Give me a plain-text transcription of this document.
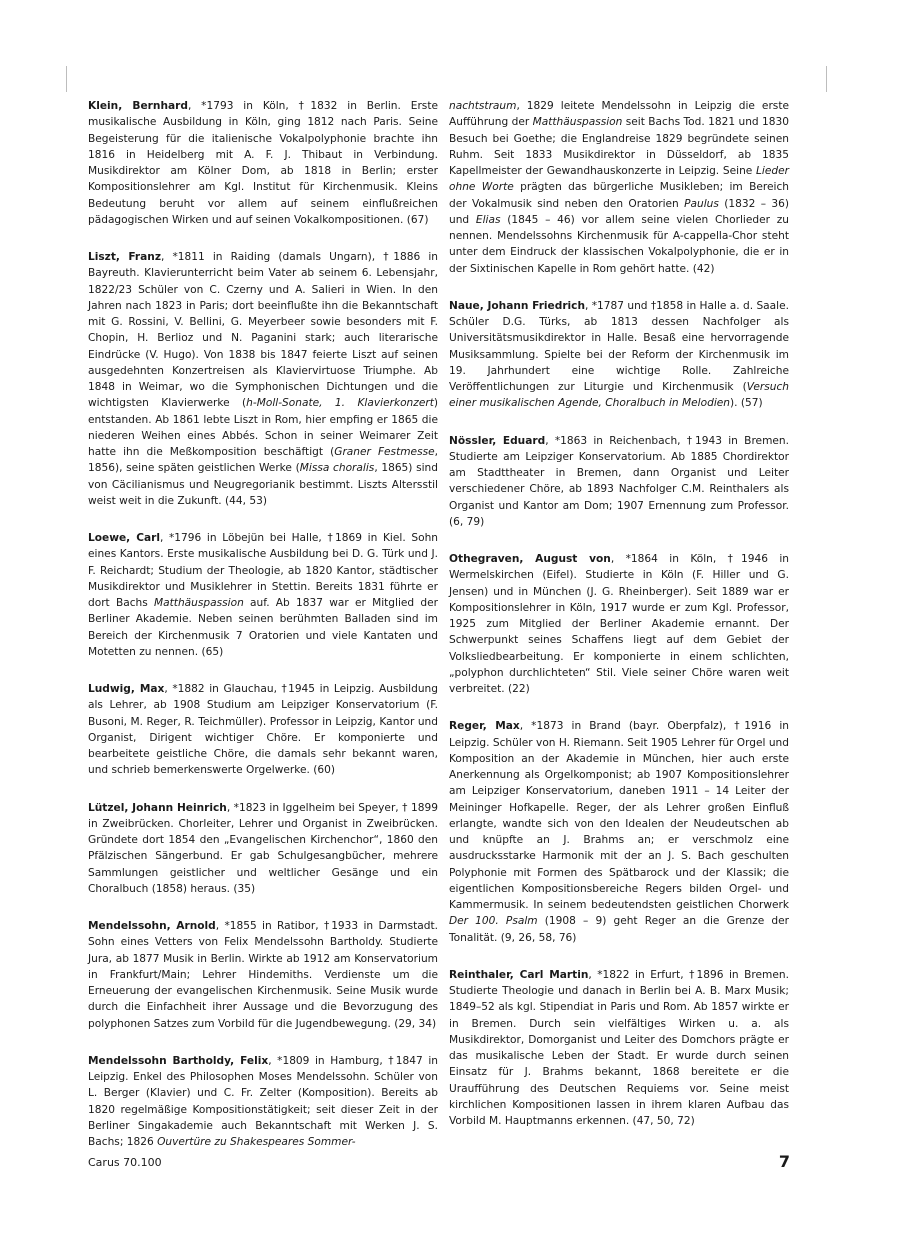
Klein, Bernhard, *1793 in Köln, †1832 in Berlin. Erste musikalische Ausbildung in Köln, ging 1812 nach Paris. Seine Begeisterung für die italienische Vokalpolyphonie brachte ihn 1816 in Heidelberg mit A. F. J. Thibaut in Verbindung. Musikdirektor am Kölner Dom, ab 1818 in Berlin; erster Kompositionslehrer am Kgl. Institut für Kirchenmusik. Kleins Bedeutung beruht vor allem auf seinem einflußreichen pädagogischen Wirken und auf seinen Vokalkompositionen. (67)

Liszt, Franz, *1811 in Raiding (damals Ungarn), †1886 in Bayreuth. Klavierunterricht beim Vater ab seinem 6. Lebensjahr, 1822/23 Schüler von C. Czerny und A. Salieri in Wien. In den Jahren nach 1823 in Paris; dort beeinflußte ihn die Bekanntschaft mit G. Rossini, V. Bellini, G. Meyerbeer sowie besonders mit F. Chopin, H. Berlioz und N. Paganini stark; auch literarische Eindrücke (V. Hugo). Von 1838 bis 1847 feierte Liszt auf seinen ausgedehnten Konzertreisen als Klaviervirtuose Triumphe. Ab 1848 in Weimar, wo die Symphonischen Dichtungen und die wichtigsten Klavierwerke (h-Moll-Sonate, 1. Klavierkonzert) entstanden. Ab 1861 lebte Liszt in Rom, hier empfing er 1865 die niederen Weihen eines Abbés. Schon in seiner Weimarer Zeit hatte ihn die Meßkomposition beschäftigt (Graner Festmesse, 1856), seine späten geistlichen Werke (Missa choralis, 1865) sind von Cäcilianismus und Neugregorianik bestimmt. Liszts Altersstil weist weit in die Zukunft. (44, 53)

Loewe, Carl, *1796 in Löbejün bei Halle, †1869 in Kiel. Sohn eines Kantors. Erste musikalische Ausbildung bei D. G. Türk und J. F. Reichardt; Studium der Theologie, ab 1820 Kantor, städtischer Musikdirektor und Musiklehrer in Stettin. Bereits 1831 führte er dort Bachs Matthäuspassion auf. Ab 1837 war er Mitglied der Berliner Akademie. Neben seinen berühmten Balladen sind im Bereich der Kirchenmusik 7 Oratorien und viele Kantaten und Motetten zu nennen. (65)

Ludwig, Max, *1882 in Glauchau, †1945 in Leipzig. Ausbildung als Lehrer, ab 1908 Studium am Leipziger Konservatorium (F. Busoni, M. Reger, R. Teichmüller). Professor in Leipzig, Kantor und Organist, Dirigent wichtiger Chöre. Er komponierte und bearbeitete geistliche Chöre, die damals sehr bekannt waren, und schrieb bemerkenswerte Orgelwerke. (60)

Lützel, Johann Heinrich, *1823 in Iggelheim bei Speyer, † 1899 in Zweibrücken. Chorleiter, Lehrer und Organist in Zweibrücken. Gründete dort 1854 den „Evangelischen Kirchenchor“, 1860 den Pfälzischen Sängerbund. Er gab Schulgesangbücher, mehrere Sammlungen geistlicher und weltlicher Gesänge und ein Choralbuch (1858) heraus. (35)

Mendelssohn, Arnold, *1855 in Ratibor, †1933 in Darmstadt. Sohn eines Vetters von Felix Mendelssohn Bartholdy. Studierte Jura, ab 1877 Musik in Berlin. Wirkte ab 1912 am Konservatorium in Frankfurt/Main; Lehrer Hindemiths. Verdienste um die Erneuerung der evangelischen Kirchenmusik. Seine Musik wurde durch die Einfachheit ihrer Aussage und die Bevorzugung des polyphonen Satzes zum Vorbild für die Jugendbewegung. (29, 34)

Mendelssohn Bartholdy, Felix, *1809 in Hamburg, †1847 in Leipzig. Enkel des Philosophen Moses Mendelssohn. Schüler von L. Berger (Klavier) und C. Fr. Zelter (Komposition). Bereits ab 1820 regelmäßige Kompositionstätigkeit; seit dieser Zeit in der Berliner Singakademie auch Bekanntschaft mit Werken J. S. Bachs; 1826 Ouvertüre zu Shakespeares Sommer-

nachtstraum, 1829 leitete Mendelssohn in Leipzig die erste Aufführung der Matthäuspassion seit Bachs Tod. 1821 und 1830 Besuch bei Goethe; die Englandreise 1829 begründete seinen Ruhm. Seit 1833 Musikdirektor in Düsseldorf, ab 1835 Kapellmeister der Gewandhauskonzerte in Leipzig. Seine Lieder ohne Worte prägten das bürgerliche Musikleben; im Bereich der Vokalmusik sind neben den Oratorien Paulus (1832 – 36) und Elias (1845 – 46) vor allem seine vielen Chorlieder zu nennen. Mendelssohns Kirchenmusik für A-cappella-Chor steht unter dem Eindruck der klassischen Vokalpolyphonie, die er in der Sixtinischen Kapelle in Rom gehört hatte. (42)

Naue, Johann Friedrich, *1787 und †1858 in Halle a. d. Saale. Schüler D.G. Türks, ab 1813 dessen Nachfolger als Universitätsmusikdirektor in Halle. Besaß eine hervorragende Musiksammlung. Spielte bei der Reform der Kirchenmusik im 19. Jahrhundert eine wichtige Rolle. Zahlreiche Veröffentlichungen zur Liturgie und Kirchenmusik (Versuch einer musikalischen Agende, Choralbuch in Melodien). (57)

Nössler, Eduard, *1863 in Reichenbach, †1943 in Bremen. Studierte am Leipziger Konservatorium. Ab 1885 Chordirektor am Stadttheater in Bremen, dann Organist und Leiter verschiedener Chöre, ab 1893 Nachfolger C.M. Reinthalers als Organist und Kantor am Dom; 1907 Ernennung zum Professor. (6, 79)

Othegraven, August von, *1864 in Köln, †1946 in Wermelskirchen (Eifel). Studierte in Köln (F. Hiller und G. Jensen) und in München (J. G. Rheinberger). Seit 1889 war er Kompositionslehrer in Köln, 1917 wurde er zum Kgl. Professor, 1925 zum Mitglied der Berliner Akademie ernannt. Der Schwerpunkt seines Schaffens liegt auf dem Gebiet der Volksliedbearbeitung. Er komponierte in einem schlichten, „polyphon durchlichteten“ Stil. Viele seiner Chöre waren weit verbreitet. (22)

Reger, Max, *1873 in Brand (bayr. Oberpfalz), †1916 in Leipzig. Schüler von H. Riemann. Seit 1905 Lehrer für Orgel und Komposition an der Akademie in München, hier auch erste Anerkennung als Orgelkomponist; ab 1907 Kompositionslehrer am Leipziger Konservatorium, daneben 1911 – 14 Leiter der Meininger Hofkapelle. Reger, der als Lehrer großen Einfluß erlangte, wandte sich von den Idealen der Neudeutschen ab und knüpfte an J. Brahms an; er verschmolz eine ausdrucksstarke Harmonik mit der an J. S. Bach geschulten Polyphonie mit Formen des Spätbarock und der Klassik; die eigentlichen Kompositionsbereiche Regers bilden Orgel- und Kammermusik. In seinem bedeutendsten geistlichen Chorwerk Der 100. Psalm (1908 – 9) geht Reger an die Grenze der Tonalität. (9, 26, 58, 76)

Reinthaler, Carl Martin, *1822 in Erfurt, †1896 in Bremen. Studierte Theologie und danach in Berlin bei A. B. Marx Musik; 1849–52 als kgl. Stipendiat in Paris und Rom. Ab 1857 wirkte er in Bremen. Durch sein vielfältiges Wirken u. a. als Musikdirektor, Domorganist und Leiter des Domchors prägte er das musikalische Leben der Stadt. Er wurde durch seinen Einsatz für J. Brahms bekannt, 1868 bereitete er die Uraufführung des Deutschen Requiems vor. Seine meist kirchlichen Kompositionen lassen in ihrem klaren Aufbau das Vorbild M. Hauptmanns erkennen. (47, 50, 72)

Carus 70.100	7
